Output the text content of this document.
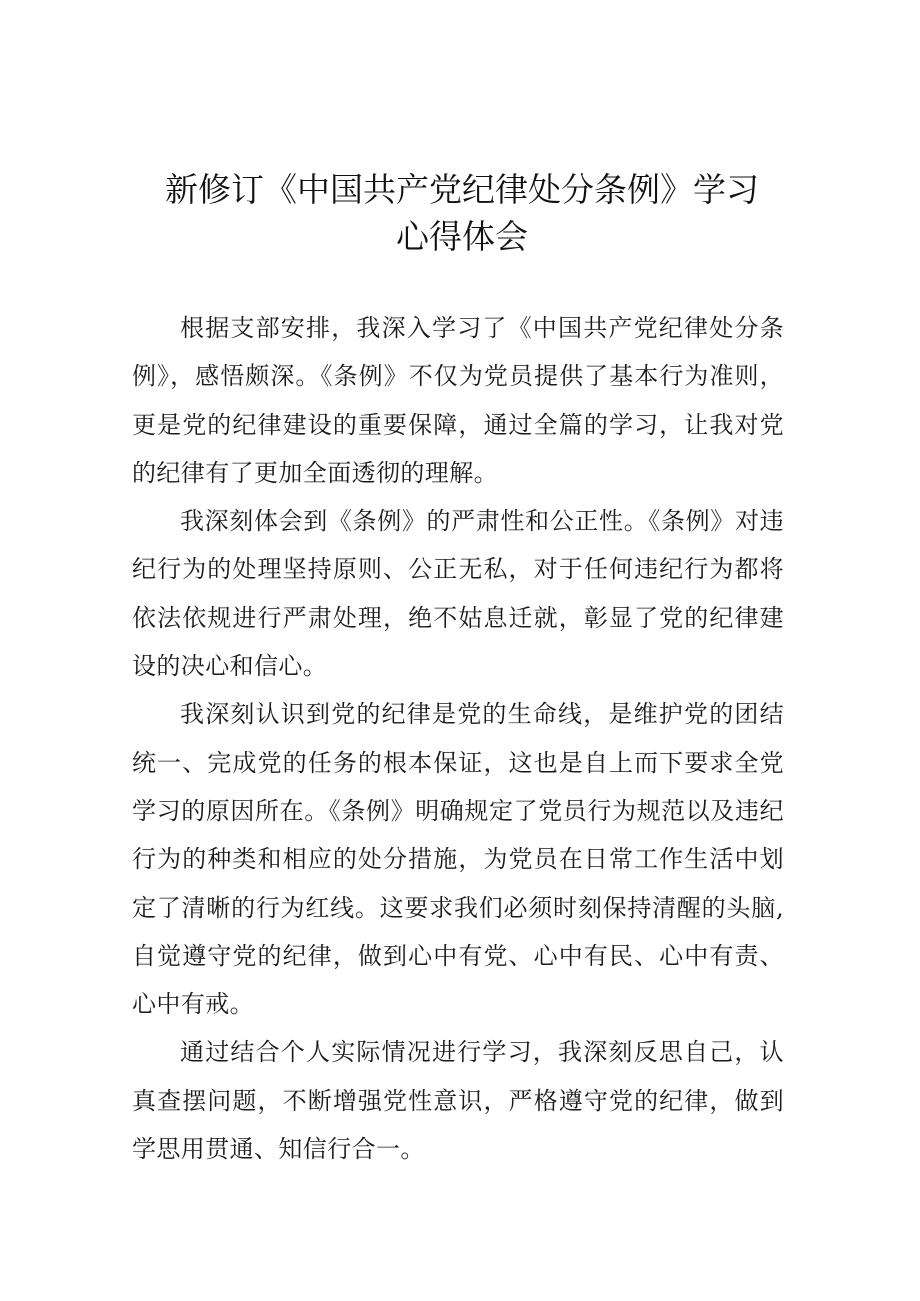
新修订《中国共产党纪律处分条例》学习
心得体会

根据支部安排，我深入学习了《中国共产党纪律处分条例》，感悟颇深。《条例》不仅为党员提供了基本行为准则，更是党的纪律建设的重要保障，通过全篇的学习，让我对党的纪律有了更加全面透彻的理解。

我深刻体会到《条例》的严肃性和公正性。《条例》对违纪行为的处理坚持原则、公正无私，对于任何违纪行为都将依法依规进行严肃处理，绝不姑息迁就，彰显了党的纪律建设的决心和信心。

我深刻认识到党的纪律是党的生命线，是维护党的团结统一、完成党的任务的根本保证，这也是自上而下要求全党学习的原因所在。《条例》明确规定了党员行为规范以及违纪行为的种类和相应的处分措施，为党员在日常工作生活中划定了清晰的行为红线。这要求我们必须时刻保持清醒的头脑,自觉遵守党的纪律，做到心中有党、心中有民、心中有责、心中有戒。

通过结合个人实际情况进行学习，我深刻反思自己，认真查摆问题，不断增强党性意识，严格遵守党的纪律，做到学思用贯通、知信行合一。
